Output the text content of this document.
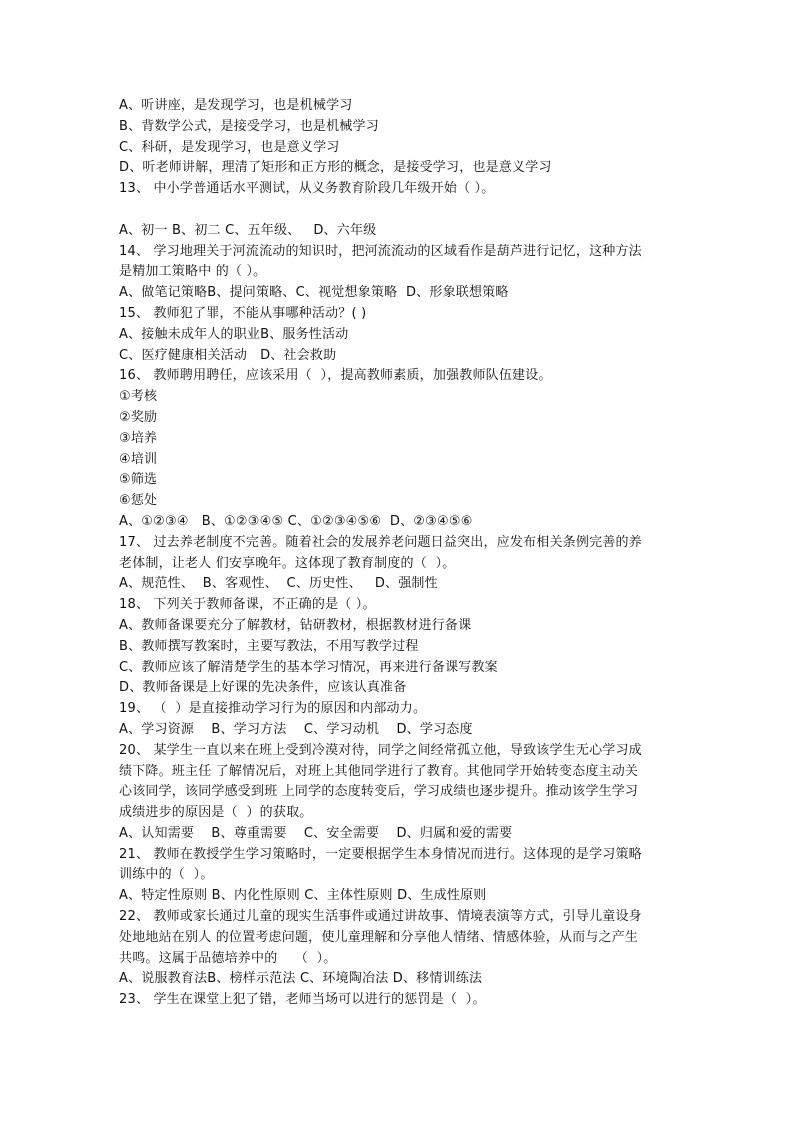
A、听讲座，是发现学习，也是机械学习
B、背数学公式，是接受学习，也是机械学习
C、科研，是发现学习，也是意义学习
D、听老师讲解，理清了矩形和正方形的概念，是接受学习，也是意义学习
13、 中小学普通话水平测试，从义务教育阶段几年级开始（ ）。
A、初一 B、初二 C、五年级、   D、六年级
14、 学习地理关于河流流动的知识时，把河流流动的区域看作是葫芦进行记忆，这种方法
是精加工策略中 的（ ）。
A、做笔记策略B、提问策略、C、视觉想象策略  D、形象联想策略
15、 教师犯了罪，不能从事哪种活动？( )
A、接触未成年人的职业B、服务性活动
C、医疗健康相关活动   D、社会救助
16、 教师聘用聘任，应该采用（  ），提高教师素质，加强教师队伍建设。
①考核
②奖励
③培养
④培训
⑤筛选
⑥惩处
A、①②③④   B、①②③④⑤ C、①②③④⑤⑥  D、②③④⑤⑥
17、 过去养老制度不完善。随着社会的发展养老问题日益突出，应发布相关条例完善的养
老体制，让老人 们安享晚年。这体现了教育制度的（  ）。
A、规范性、  B、客观性、  C、历史性、   D、强制性
18、 下列关于教师备课，不正确的是（ ）。
A、教师备课要充分了解教材，钻研教材，根据教材进行备课
B、教师撰写教案时，主要写教法，不用写教学过程
C、教师应该了解清楚学生的基本学习情况，再来进行备课写教案
D、教师备课是上好课的先决条件，应该认真准备
19、 （  ）是直接推动学习行为的原因和内部动力。
A、学习资源    B、学习方法    C、学习动机    D、学习态度
20、 某学生一直以来在班上受到冷漠对待，同学之间经常孤立他，导致该学生无心学习成
绩下降。班主任 了解情况后，对班上其他同学进行了教育。其他同学开始转变态度主动关
心该同学，该同学感受到班 上同学的态度转变后，学习成绩也逐步提升。推动该学生学习
成绩进步的原因是（  ）的获取。
A、认知需要    B、尊重需要    C、安全需要    D、归属和爱的需要
21、 教师在教授学生学习策略时，一定要根据学生本身情况而进行。这体现的是学习策略
训练中的（  ）。
A、特定性原则 B、内化性原则 C、主体性原则 D、生成性原则
22、 教师或家长通过儿童的现实生活事件或通过讲故事、情境表演等方式，引导儿童设身
处地地站在别人 的位置考虑问题，使儿童理解和分享他人情绪、情感体验，从而与之产生
共鸣。这属于品德培养中的    （  ）。
A、说服教育法B、榜样示范法 C、环境陶冶法 D、移情训练法
23、 学生在课堂上犯了错，老师当场可以进行的惩罚是（  ）。
